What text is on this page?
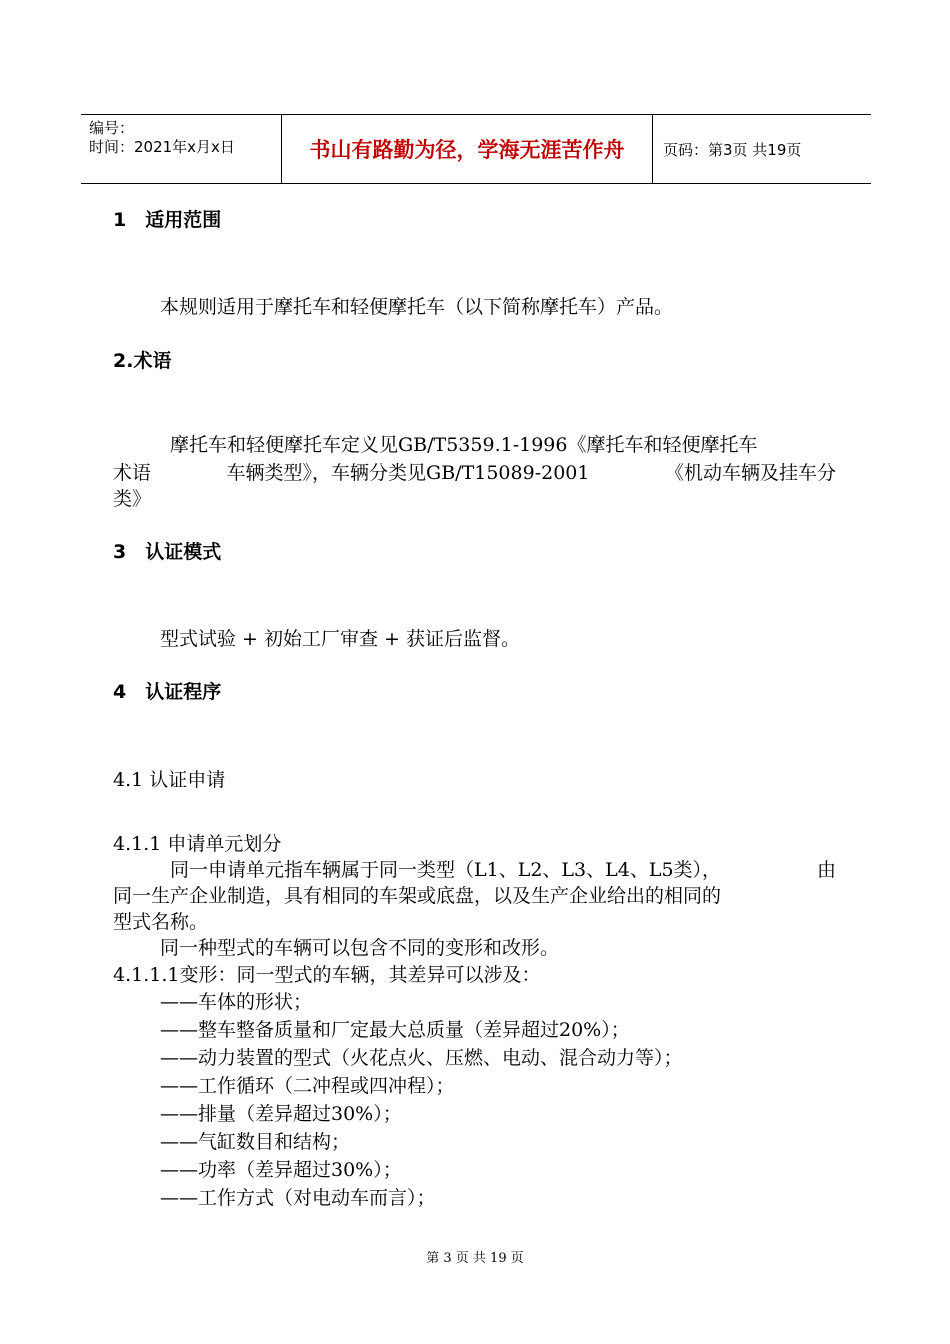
编号：
时间：2021年x月x日	书山有路勤为径，学海无涯苦作舟	页码：第3页 共19页
1　适用范围
本规则适用于摩托车和轻便摩托车（以下简称摩托车）产品。
2.术语
摩托车和轻便摩托车定义见GB/T5359.1-1996《摩托车和轻便摩托车
术语	车辆类型》，车辆分类见GB/T15089-2001	《机动车辆及挂车分
类》
3　认证模式
型式试验 + 初始工厂审查 + 获证后监督。
4　认证程序
4.1 认证申请
4.1.1 申请单元划分
同一申请单元指车辆属于同一类型（L1、L2、L3、L4、L5类），	由
同一生产企业制造，具有相同的车架或底盘，以及生产企业给出的相同的
型式名称。
同一种型式的车辆可以包含不同的变形和改形。
4.1.1.1变形：同一型式的车辆，其差异可以涉及：
——车体的形状；
——整车整备质量和厂定最大总质量（差异超过20%）；
——动力装置的型式（火花点火、压燃、电动、混合动力等）；
——工作循环（二冲程或四冲程）；
——排量（差异超过30%）；
——气缸数目和结构；
——功率（差异超过30%）；
——工作方式（对电动车而言）；
第 3 页 共 19 页
